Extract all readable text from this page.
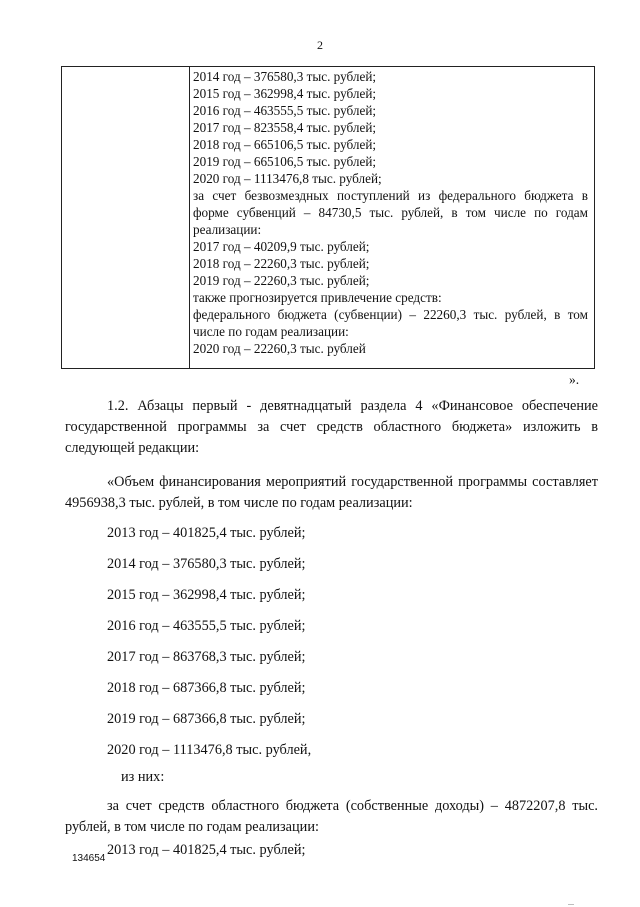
2
2014 год – 376580,3 тыс. рублей;
2015 год – 362998,4 тыс. рублей;
2016 год – 463555,5 тыс. рублей;
2017 год – 823558,4 тыс. рублей;
2018 год – 665106,5 тыс. рублей;
2019 год – 665106,5 тыс. рублей;
2020 год – 1113476,8 тыс. рублей;
за счет безвозмездных поступлений из федерального бюджета в форме субвенций – 84730,5 тыс. рублей, в том числе по годам реализации:
2017 год – 40209,9 тыс. рублей;
2018 год – 22260,3 тыс. рублей;
2019 год – 22260,3 тыс. рублей;
также прогнозируется привлечение средств:
федерального бюджета (субвенции) – 22260,3 тыс. рублей, в том числе по годам реализации:
2020 год – 22260,3 тыс. рублей
».
1.2. Абзацы первый - девятнадцатый раздела 4 «Финансовое обеспечение государственной программы за счет средств областного бюджета» изложить в следующей редакции:
«Объем финансирования мероприятий государственной программы составляет 4956938,3 тыс. рублей, в том числе по годам реализации:
2013 год – 401825,4 тыс. рублей;
2014 год – 376580,3 тыс. рублей;
2015 год – 362998,4 тыс. рублей;
2016 год – 463555,5 тыс. рублей;
2017 год – 863768,3 тыс. рублей;
2018 год – 687366,8 тыс. рублей;
2019 год – 687366,8 тыс. рублей;
2020 год – 1113476,8 тыс. рублей,
из них:
за счет средств областного бюджета (собственные доходы) – 4872207,8 тыс. рублей, в том числе по годам реализации:
2013 год – 401825,4 тыс. рублей;
134654
...
